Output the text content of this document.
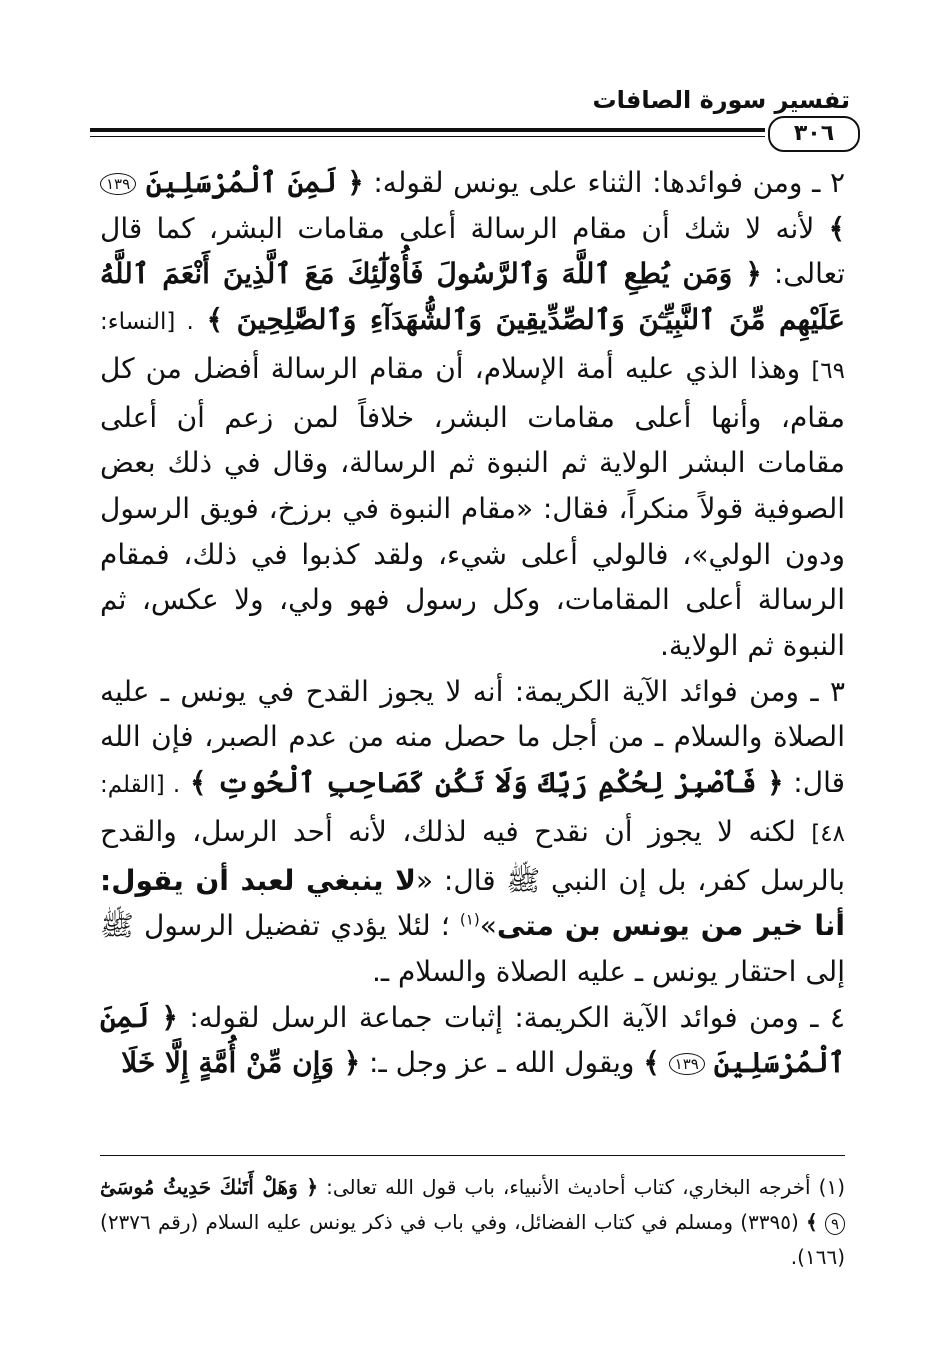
تفسير سورة الصافات
٣٠٦

٢ ـ ومن فوائدها: الثناء على يونس لقوله: ﴿ لَمِنَ ٱلْمُرْسَلِينَ ١٣٩ ﴾ لأنه لا شك أن مقام الرسالة أعلى مقامات البشر، كما قال تعالى: ﴿ وَمَن يُطِعِ ٱللَّهَ وَٱلرَّسُولَ فَأُوْلَٰٓئِكَ مَعَ ٱلَّذِينَ أَنْعَمَ ٱللَّهُ عَلَيْهِم مِّنَ ٱلنَّبِيِّـۧنَ وَٱلصِّدِّيقِينَ وَٱلشُّهَدَآءِ وَٱلصَّٰلِحِينَ ﴾ . [النساء: ٦٩] وهذا الذي عليه أمة الإسلام، أن مقام الرسالة أفضل من كل مقام، وأنها أعلى مقامات البشر، خلافاً لمن زعم أن أعلى مقامات البشر الولاية ثم النبوة ثم الرسالة، وقال في ذلك بعض الصوفية قولاً منكراً، فقال: «مقام النبوة في برزخ، فويق الرسول ودون الولي»، فالولي أعلى شيء، ولقد كذبوا في ذلك، فمقام الرسالة أعلى المقامات، وكل رسول فهو ولي، ولا عكس، ثم النبوة ثم الولاية.

٣ ـ ومن فوائد الآية الكريمة: أنه لا يجوز القدح في يونس ـ عليه الصلاة والسلام ـ من أجل ما حصل منه من عدم الصبر، فإن الله قال: ﴿ فَٱصْبِرْ لِحُكْمِ رَبِّكَ وَلَا تَكُن كَصَاحِبِ ٱلْحُوتِ ﴾ . [القلم: ٤٨] لكنه لا يجوز أن نقدح فيه لذلك، لأنه أحد الرسل، والقدح بالرسل كفر، بل إن النبي ﷺ قال: «لا ينبغي لعبد أن يقول: أنا خير من يونس بن متى»$^{(١)}$ ؛ لئلا يؤدي تفضيل الرسول ﷺ إلى احتقار يونس ـ عليه الصلاة والسلام ـ.

٤ ـ ومن فوائد الآية الكريمة: إثبات جماعة الرسل لقوله: ﴿ لَمِنَ ٱلْمُرْسَلِينَ ١٣٩ ﴾ ويقول الله ـ عز وجل ـ: ﴿ وَإِن مِّنْ أُمَّةٍ إِلَّا خَلَا

(١) أخرجه البخاري، كتاب أحاديث الأنبياء، باب قول الله تعالى: ﴿ وَهَلْ أَتَىٰكَ حَدِيثُ مُوسَىٰٓ ٩ ﴾ (٣٣٩٥) ومسلم في كتاب الفضائل، وفي باب في ذكر يونس عليه السلام (رقم ٢٣٧٦) (١٦٦).
